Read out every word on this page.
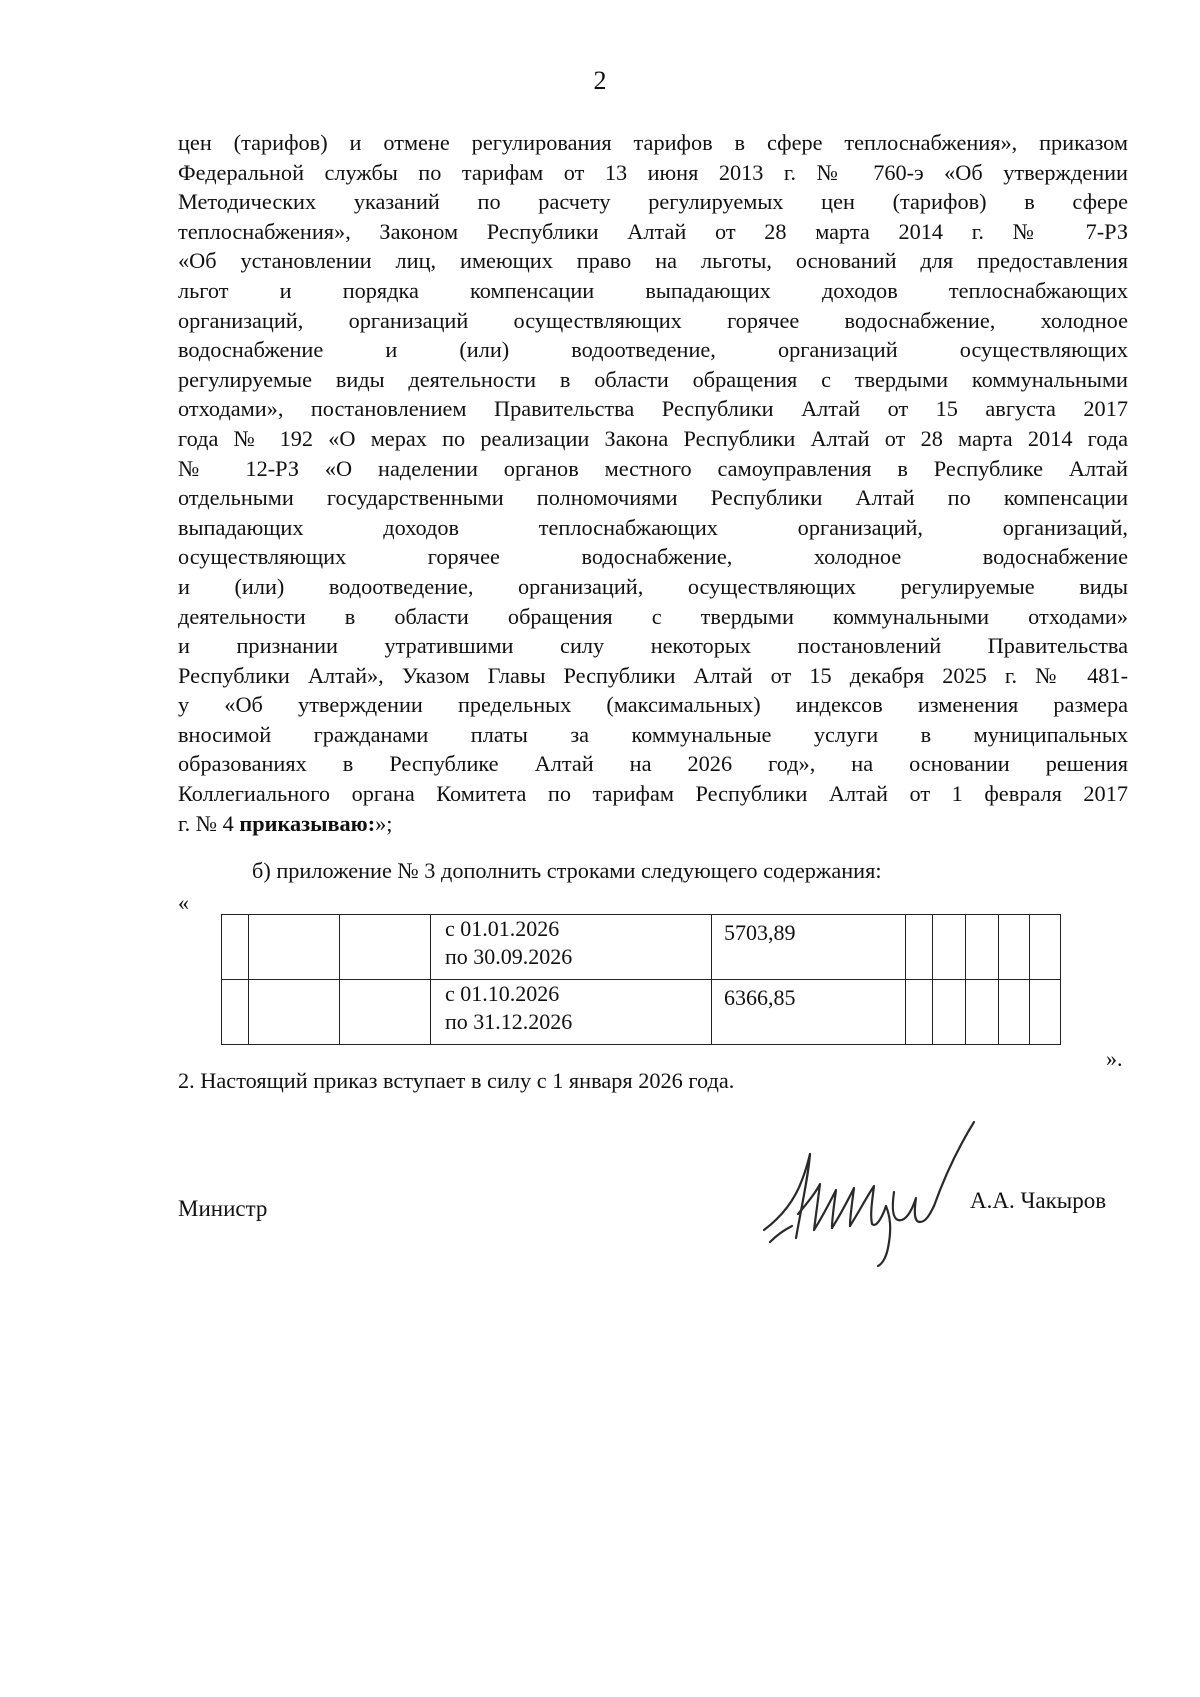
2

цен (тарифов) и отмене регулирования тарифов в сфере теплоснабжения», приказом
Федеральной службы по тарифам от 13 июня 2013 г. № 760-э «Об утверждении
Методических указаний по расчету регулируемых цен (тарифов) в сфере
теплоснабжения», Законом Республики Алтай от 28 марта 2014 г. № 7-РЗ
«Об установлении лиц, имеющих право на льготы, оснований для предоставления
льгот и порядка компенсации выпадающих доходов теплоснабжающих
организаций, организаций осуществляющих горячее водоснабжение, холодное
водоснабжение и (или) водоотведение, организаций осуществляющих
регулируемые виды деятельности в области обращения с твердыми коммунальными
отходами», постановлением Правительства Республики Алтай от 15 августа 2017
года № 192 «О мерах по реализации Закона Республики Алтай от 28 марта 2014 года
№ 12-РЗ «О наделении органов местного самоуправления в Республике Алтай
отдельными государственными полномочиями Республики Алтай по компенсации
выпадающих доходов теплоснабжающих организаций, организаций,
осуществляющих горячее водоснабжение, холодное водоснабжение
и (или) водоотведение, организаций, осуществляющих регулируемые виды
деятельности в области обращения с твердыми коммунальными отходами»
и признании утратившими силу некоторых постановлений Правительства
Республики Алтай», Указом Главы Республики Алтай от 15 декабря 2025 г. № 481-
у «Об утверждении предельных (максимальных) индексов изменения размера
вносимой гражданами платы за коммунальные услуги в муниципальных
образованиях в Республике Алтай на 2026 год», на основании решения
Коллегиального органа Комитета по тарифам Республики Алтай от 1 февраля 2017
г. № 4 приказываю:»;

б) приложение № 3 дополнить строками следующего содержания:
«

			с 01.01.2026
по 30.09.2026	5703,89					

			с 01.10.2026
по 31.12.2026	6366,85					
».
2. Настоящий приказ вступает в силу с 1 января 2026 года.
Министр	А.А. Чакыров
